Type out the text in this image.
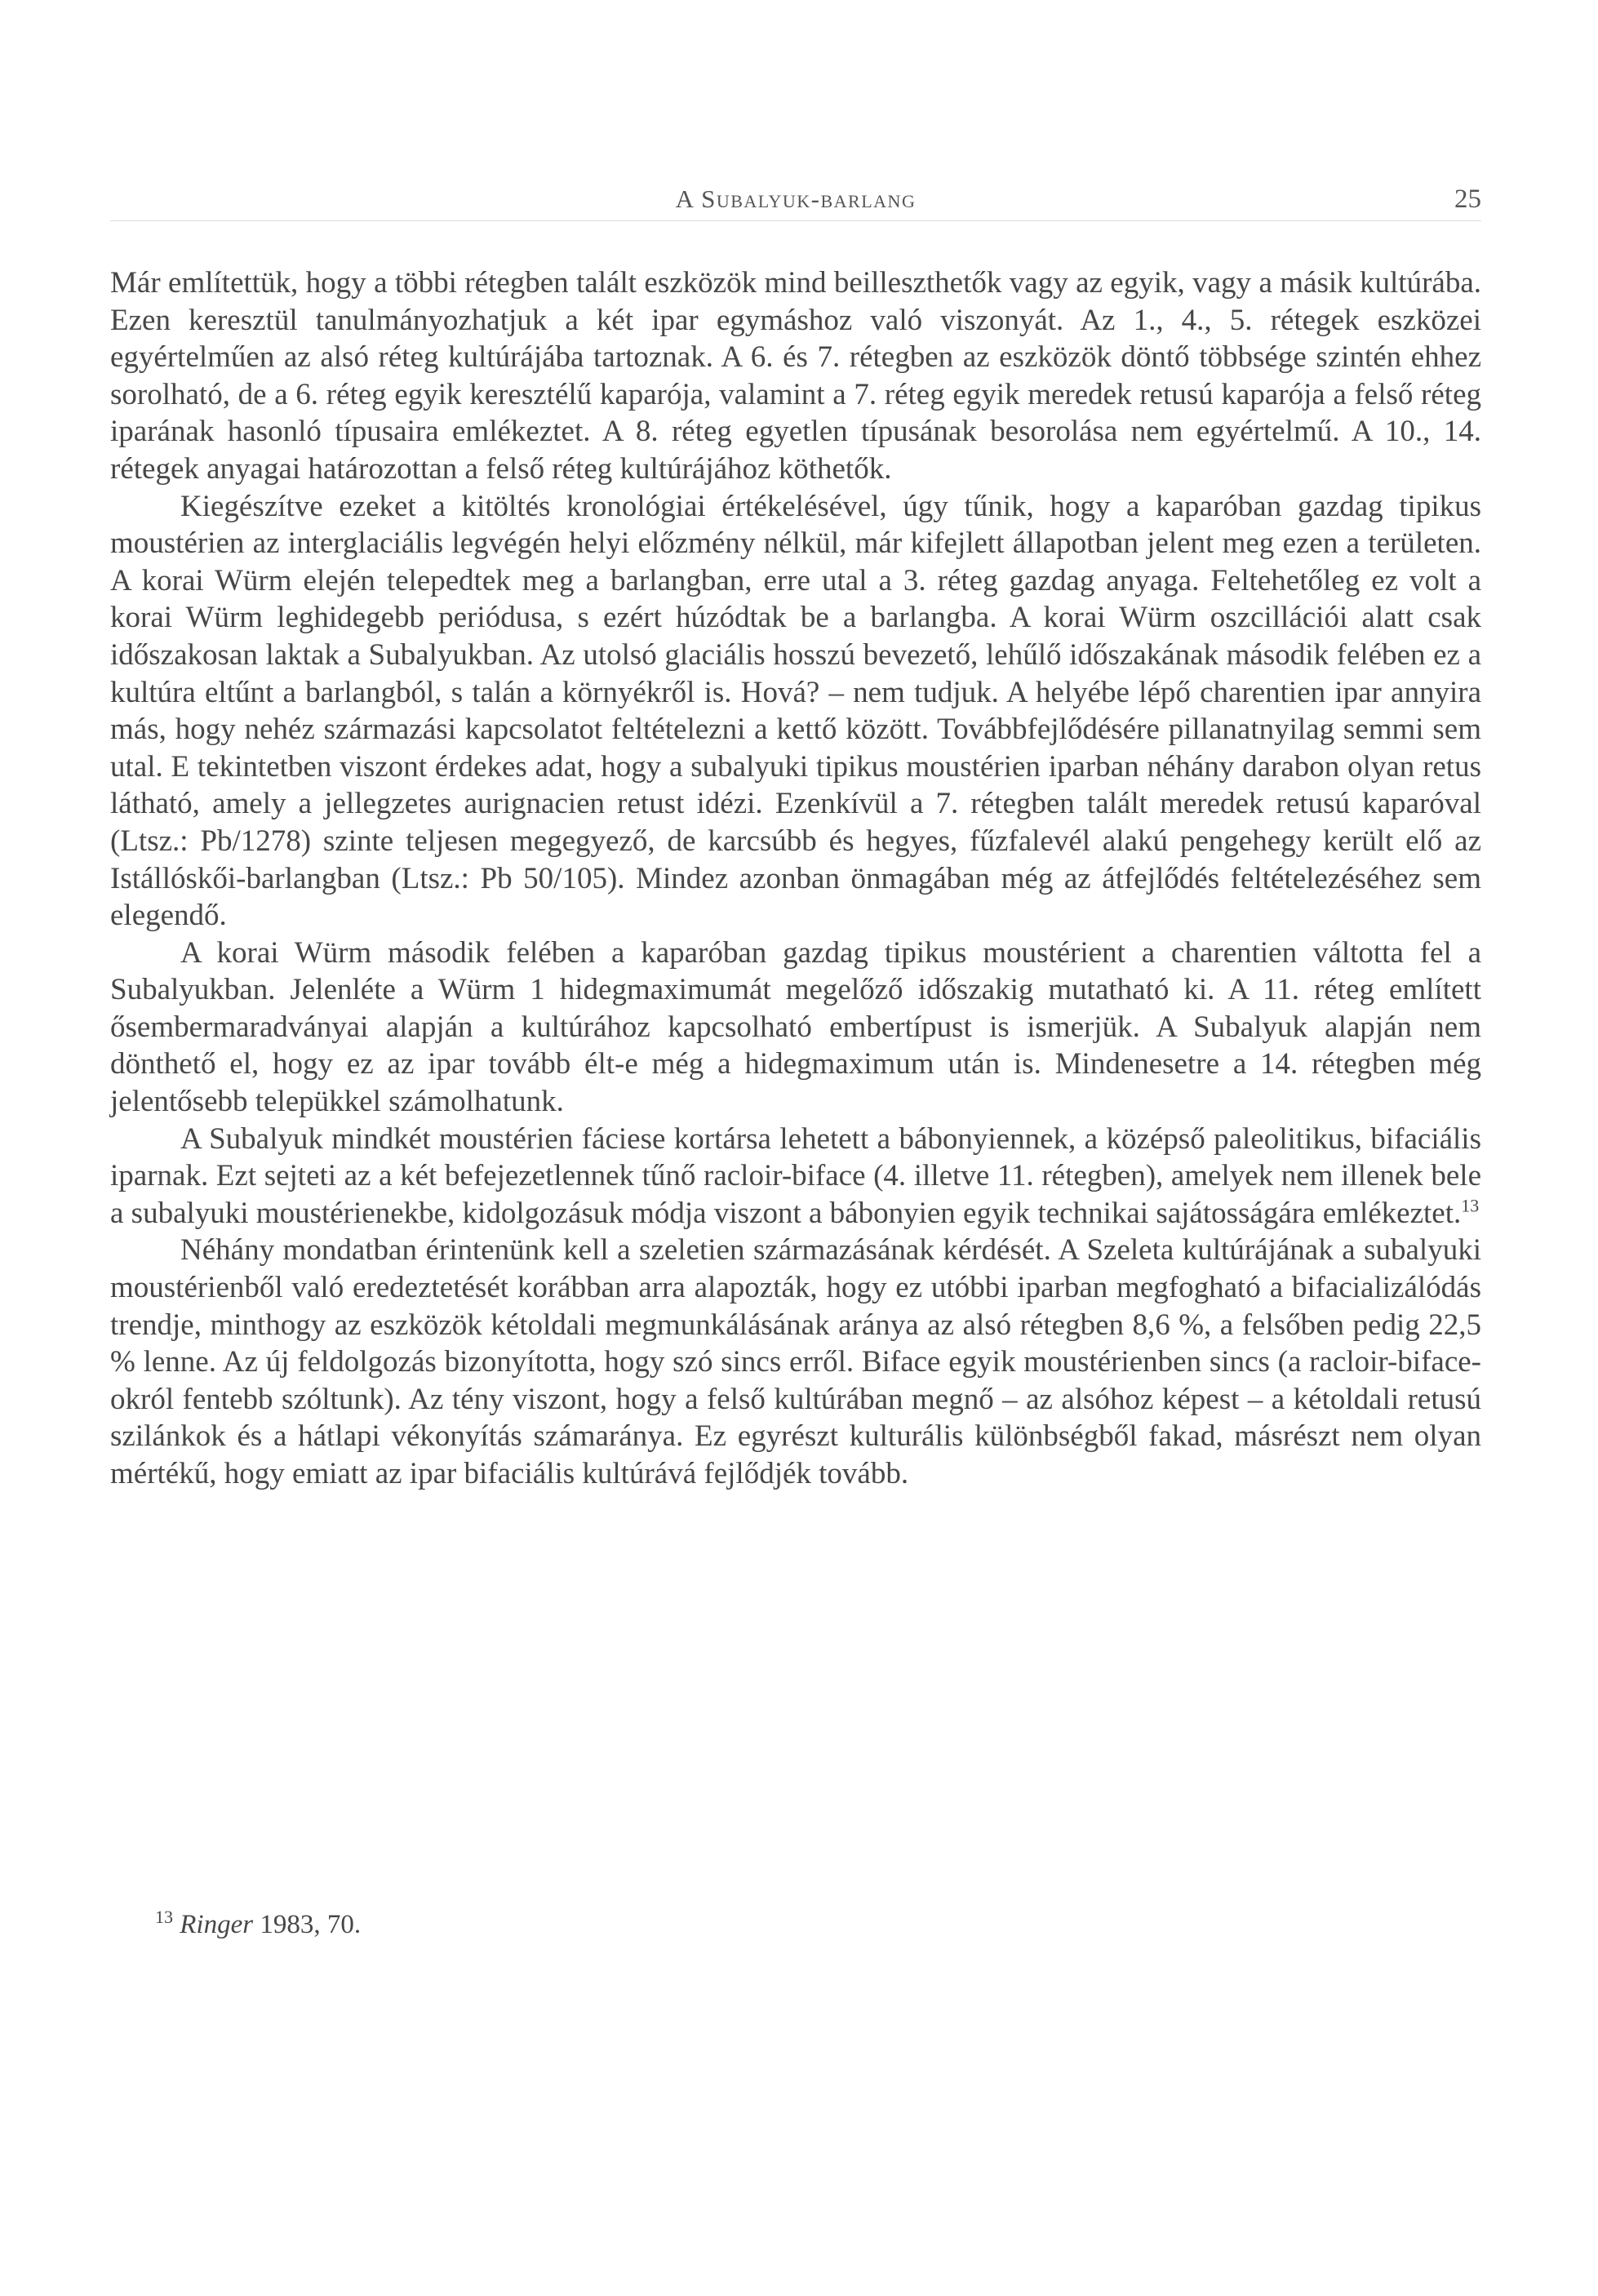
A Subalyuk-barlang	25

Már említettük, hogy a többi rétegben talált eszközök mind beilleszthetők vagy az egyik, vagy a másik kultúrába. Ezen keresztül tanulmányozhatjuk a két ipar egymáshoz való viszonyát. Az 1., 4., 5. rétegek eszközei egyértelműen az alsó réteg kultúrájába tartoznak. A 6. és 7. rétegben az eszközök döntő többsége szintén ehhez sorolható, de a 6. réteg egyik keresztélű kaparója, valamint a 7. réteg egyik meredek retusú kaparója a felső réteg iparának hasonló típusaira emlékeztet. A 8. réteg egyetlen típusának besorolása nem egyértelmű. A 10., 14. rétegek anyagai határozottan a felső réteg kultúrájához köthetők.

Kiegészítve ezeket a kitöltés kronológiai értékelésével, úgy tűnik, hogy a kaparóban gazdag tipikus moustérien az interglaciális legvégén helyi előzmény nélkül, már kifejlett állapotban jelent meg ezen a területen. A korai Würm elején telepedtek meg a barlangban, erre utal a 3. réteg gazdag anyaga. Feltehetőleg ez volt a korai Würm leghidegebb periódusa, s ezért húzódtak be a barlangba. A korai Würm oszcillációi alatt csak időszakosan laktak a Subalyukban. Az utolsó glaciális hosszú bevezető, lehűlő időszakának második felében ez a kultúra eltűnt a barlangból, s talán a környékről is. Hová? – nem tudjuk. A helyébe lépő charentien ipar annyira más, hogy nehéz származási kapcsolatot feltételezni a kettő között. Továbbfejlődésére pillanatnyilag semmi sem utal. E tekintetben viszont érdekes adat, hogy a subalyuki tipikus moustérien iparban néhány darabon olyan retus látható, amely a jellegzetes aurignacien retust idézi. Ezenkívül a 7. rétegben talált meredek retusú kaparóval (Ltsz.: Pb/1278) szinte teljesen megegyező, de karcsúbb és hegyes, fűzfalevél alakú pengehegy került elő az Istállóskői-barlangban (Ltsz.: Pb 50/105). Mindez azonban önmagában még az átfejlődés feltételezéséhez sem elegendő.

A korai Würm második felében a kaparóban gazdag tipikus moustérient a charentien váltotta fel a Subalyukban. Jelenléte a Würm 1 hidegmaximumát megelőző időszakig mutatható ki. A 11. réteg említett ősembermaradványai alapján a kultúrához kapcsolható embertípust is ismerjük. A Subalyuk alapján nem dönthető el, hogy ez az ipar tovább élt-e még a hidegmaximum után is. Mindenesetre a 14. rétegben még jelentősebb telepükkel számolhatunk.

A Subalyuk mindkét moustérien fáciese kortársa lehetett a bábonyiennek, a középső paleolitikus, bifaciális iparnak. Ezt sejteti az a két befejezetlennek tűnő racloir-biface (4. illetve 11. rétegben), amelyek nem illenek bele a subalyuki moustérienekbe, kidolgozásuk módja viszont a bábonyien egyik technikai sajátosságára emlékeztet.$^{13}$

Néhány mondatban érintenünk kell a szeletien származásának kérdését. A Szeleta kultúrájának a subalyuki moustérienből való eredeztetését korábban arra alapozták, hogy ez utóbbi iparban megfogható a bifacializálódás trendje, minthogy az eszközök kétoldali megmunkálásának aránya az alsó rétegben 8,6 %, a felsőben pedig 22,5 % lenne. Az új feldolgozás bizonyította, hogy szó sincs erről. Biface egyik moustérienben sincs (a racloir-biface-okról fentebb szóltunk). Az tény viszont, hogy a felső kultúrában megnő – az alsóhoz képest – a kétoldali retusú szilánkok és a hátlapi vékonyítás számaránya. Ez egyrészt kulturális különbségből fakad, másrészt nem olyan mértékű, hogy emiatt az ipar bifaciális kultúrává fejlődjék tovább.

$^{13}$ Ringer 1983, 70.
